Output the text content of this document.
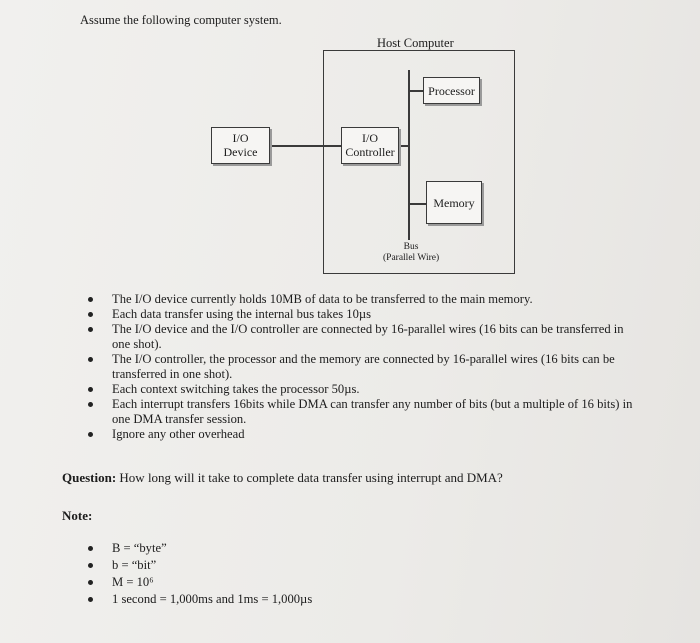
Assume the following computer system.
Host Computer
I/O
Device
I/O
Controller
Processor
Memory
Bus
(Parallel Wire)
The I/O device currently holds 10MB of data to be transferred to the main memory.
Each data transfer using the internal bus takes 10µs
The I/O device and the I/O controller are connected by 16-parallel wires (16 bits can be transferred in one shot).
The I/O controller, the processor and the memory are connected by 16-parallel wires (16 bits can be transferred in one shot).
Each context switching takes the processor 50µs.
Each interrupt transfers 16bits while DMA can transfer any number of bits (but a multiple of 16 bits) in one DMA transfer session.
Ignore any other overhead
Question: How long will it take to complete data transfer using interrupt and DMA?
Note:
B = “byte”
b = “bit”
M = 10⁶
1 second = 1,000ms and 1ms = 1,000µs
